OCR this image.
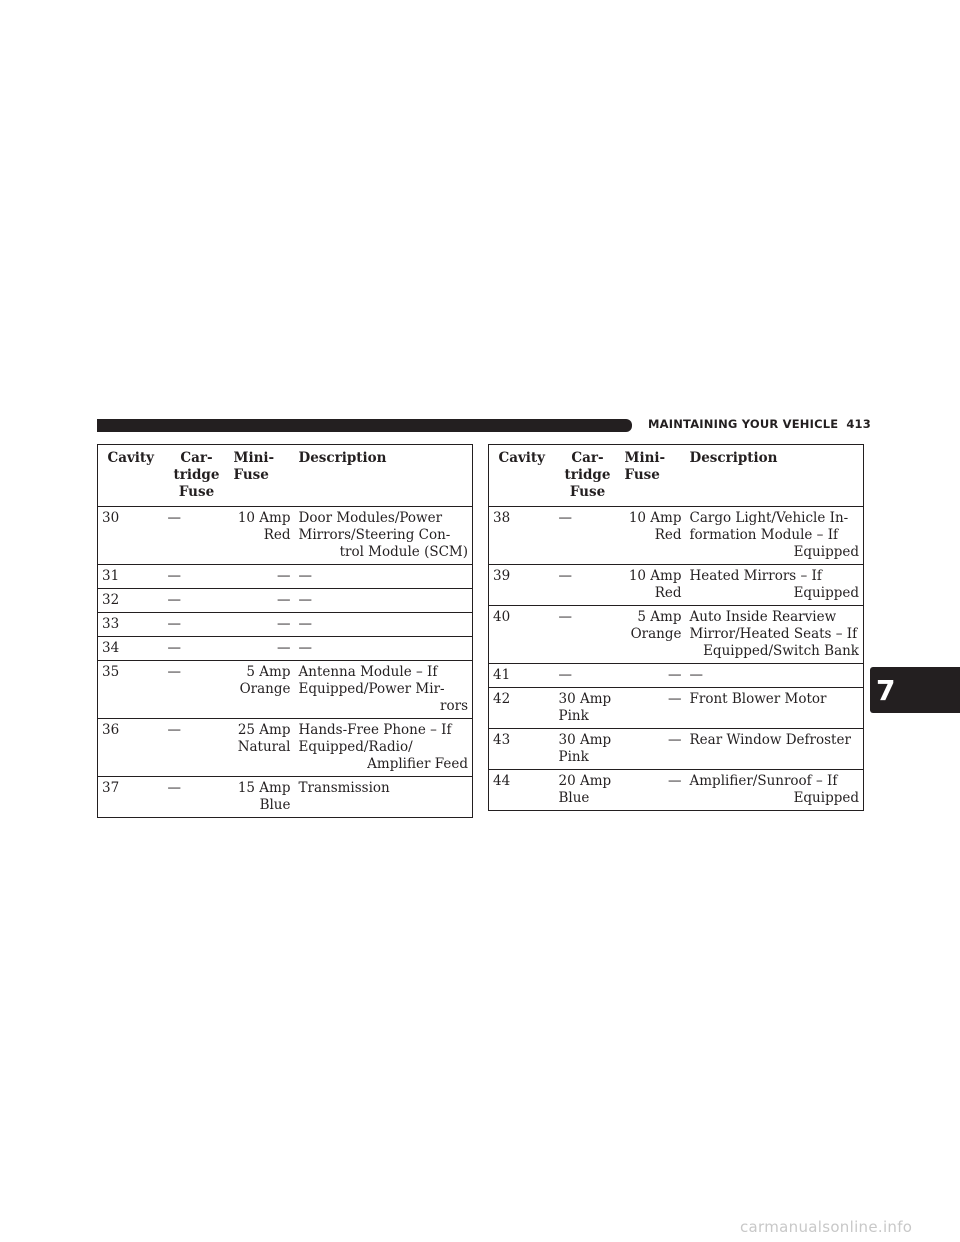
MAINTAINING YOUR VEHICLE 413
Cavity	Car-
tridge
Fuse	Mini-
Fuse	Description

30	—	10 Amp
Red	Door Modules/Power
Mirrors/Steering Con-
trol Module (SCM)

31	—	—	—

32	—	—	—

33	—	—	—

34	—	—	—

35	—	5 Amp
Orange	Antenna Module – If
Equipped/Power Mir-
rors

36	—	25 Amp
Natural	Hands-Free Phone – If
Equipped/Radio/
Amplifier Feed

37	—	15 Amp
Blue	Transmission
Cavity	Car-
tridge
Fuse	Mini-
Fuse	Description

38	—	10 Amp
Red	Cargo Light/Vehicle In-
formation Module – If
Equipped

39	—	10 Amp
Red	Heated Mirrors – If
Equipped

40	—	5 Amp
Orange	Auto Inside Rearview
Mirror/Heated Seats – If
Equipped/Switch Bank

41	—	—	—

42	30 Amp
Pink	—	Front Blower Motor

43	30 Amp
Pink	—	Rear Window Defroster

44	20 Amp
Blue	—	Amplifier/Sunroof – If
Equipped
7
carmanualsonline.info
